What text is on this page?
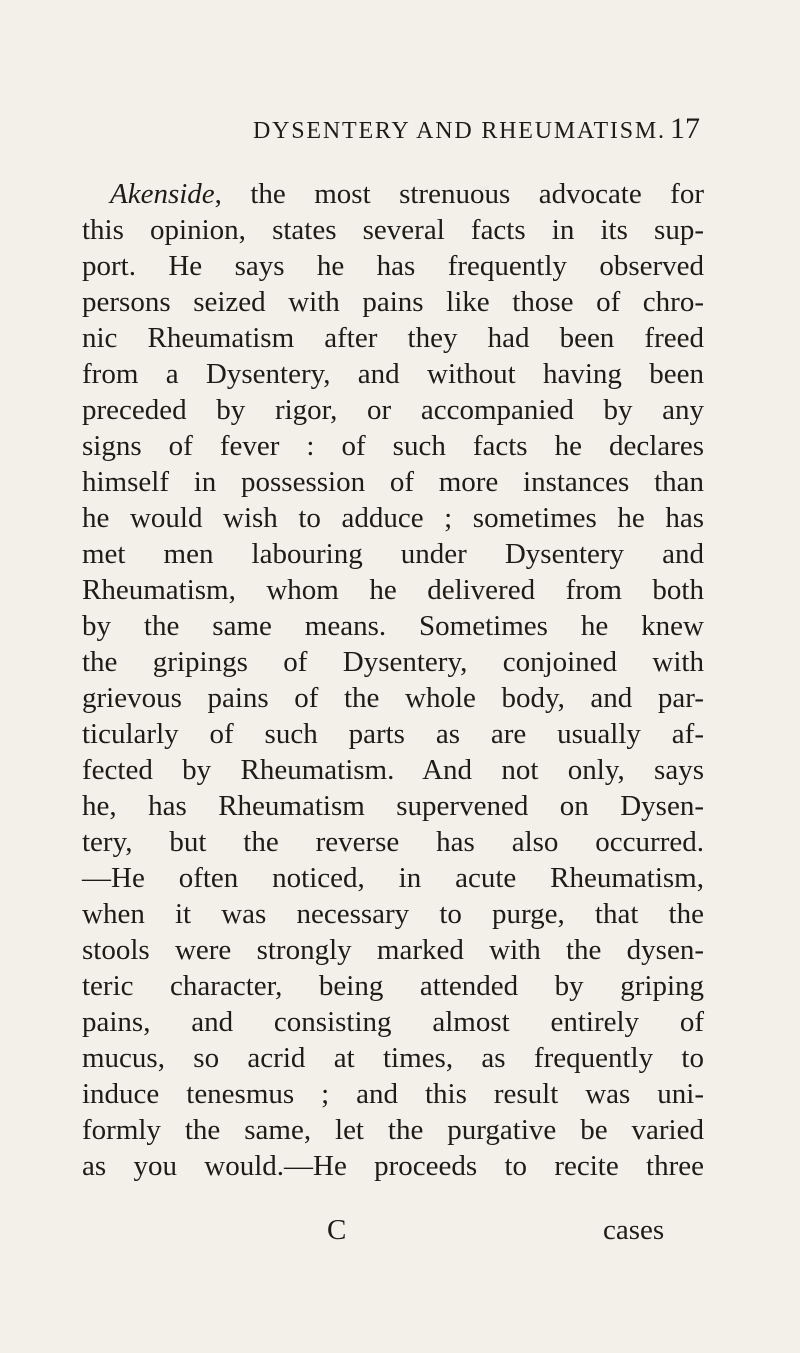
DYSENTERY AND RHEUMATISM. 17
Akenside, the most strenuous advocate for
this opinion, states several facts in its sup-
port. He says he has frequently observed
persons seized with pains like those of chro-
nic Rheumatism after they had been freed
from a Dysentery, and without having been
preceded by rigor, or accompanied by any
signs of fever : of such facts he declares
himself in possession of more instances than
he would wish to adduce ; sometimes he has
met men labouring under Dysentery and
Rheumatism, whom he delivered from both
by the same means. Sometimes he knew
the gripings of Dysentery, conjoined with
grievous pains of the whole body, and par-
ticularly of such parts as are usually af-
fected by Rheumatism. And not only, says
he, has Rheumatism supervened on Dysen-
tery, but the reverse has also occurred.
—He often noticed, in acute Rheumatism,
when it was necessary to purge, that the
stools were strongly marked with the dysen-
teric character, being attended by griping
pains, and consisting almost entirely of
mucus, so acrid at times, as frequently to
induce tenesmus ; and this result was uni-
formly the same, let the purgative be varied
as you would.—He proceeds to recite three
C	cases
